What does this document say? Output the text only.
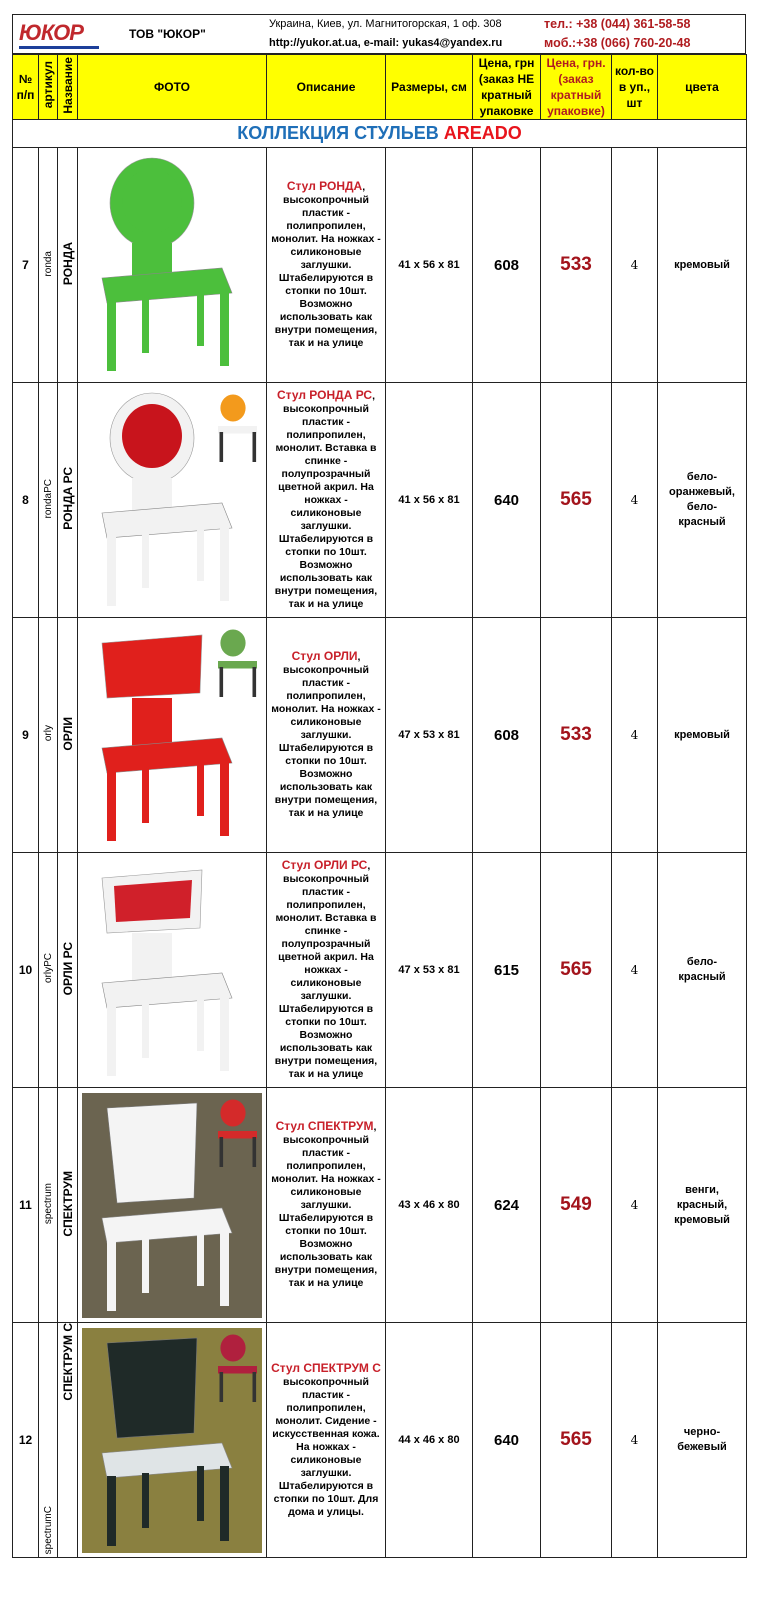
ЮКОР	ТОВ "ЮКОР"	
Украина, Киев, ул. Магнитогорская, 1 оф. 308
http://yukor.at.ua, e-mail: yukas4@yandex.ru

тел.: +38 (044) 361-58-58
моб.:+38 (066) 760-20-48
№ п/п	артикул	Название	ФОТО	Описание	Размеры, см	Цена, грн (заказ НЕ кратный упаковке	Цена, грн. (заказ кратный упаковке)	кол-во в уп., шт	цвета
КОЛЛЕКЦИЯ СТУЛЬЕВ AREADO									
7	ronda	РОНДА		Стул РОНДА, высокопрочный пластик - полипропилен, монолит. На ножках - силиконовые заглушки. Штабелируются в стопки по 10шт. Возможно использовать как внутри помещения, так и на улице	41 x 56 x 81	608	533	4	кремовый
8	rondaPC	РОНДА РС		Стул РОНДА РС, высокопрочный пластик - полипропилен, монолит. Вставка в спинке - полупрозрачный цветной акрил. На ножках - силиконовые заглушки. Штабелируются в стопки по 10шт. Возможно использовать как внутри помещения, так и на улице	41 x 56 x 81	640	565	4	бело-оранжевый, бело-красный
9	orly	ОРЛИ		Стул ОРЛИ, высокопрочный пластик - полипропилен, монолит. На ножках - силиконовые заглушки. Штабелируются в стопки по 10шт. Возможно использовать как внутри помещения, так и на улице	47 x 53 x 81	608	533	4	кремовый
10	orlyPC	ОРЛИ РС		Стул ОРЛИ РС, высокопрочный пластик - полипропилен, монолит. Вставка в спинке - полупрозрачный цветной акрил. На ножках - силиконовые заглушки. Штабелируются в стопки по 10шт. Возможно использовать как внутри помещения, так и на улице	47 x 53 x 81	615	565	4	бело-красный
11	spectrum	СПЕКТРУМ		Стул СПЕКТРУМ, высокопрочный пластик - полипропилен, монолит. На ножках - силиконовые заглушки. Штабелируются в стопки по 10шт. Возможно использовать как внутри помещения, так и на улице	43 x 46 x 80	624	549	4	венги, красный, кремовый
12	spectrumC	СПЕКТРУМ С		Стул СПЕКТРУМ С высокопрочный пластик - полипропилен, монолит. Сидение - искусственная кожа. На ножках - силиконовые заглушки. Штабелируются в стопки по 10шт. Для дома и улицы.	44 x 46 x 80	640	565	4	черно-бежевый
